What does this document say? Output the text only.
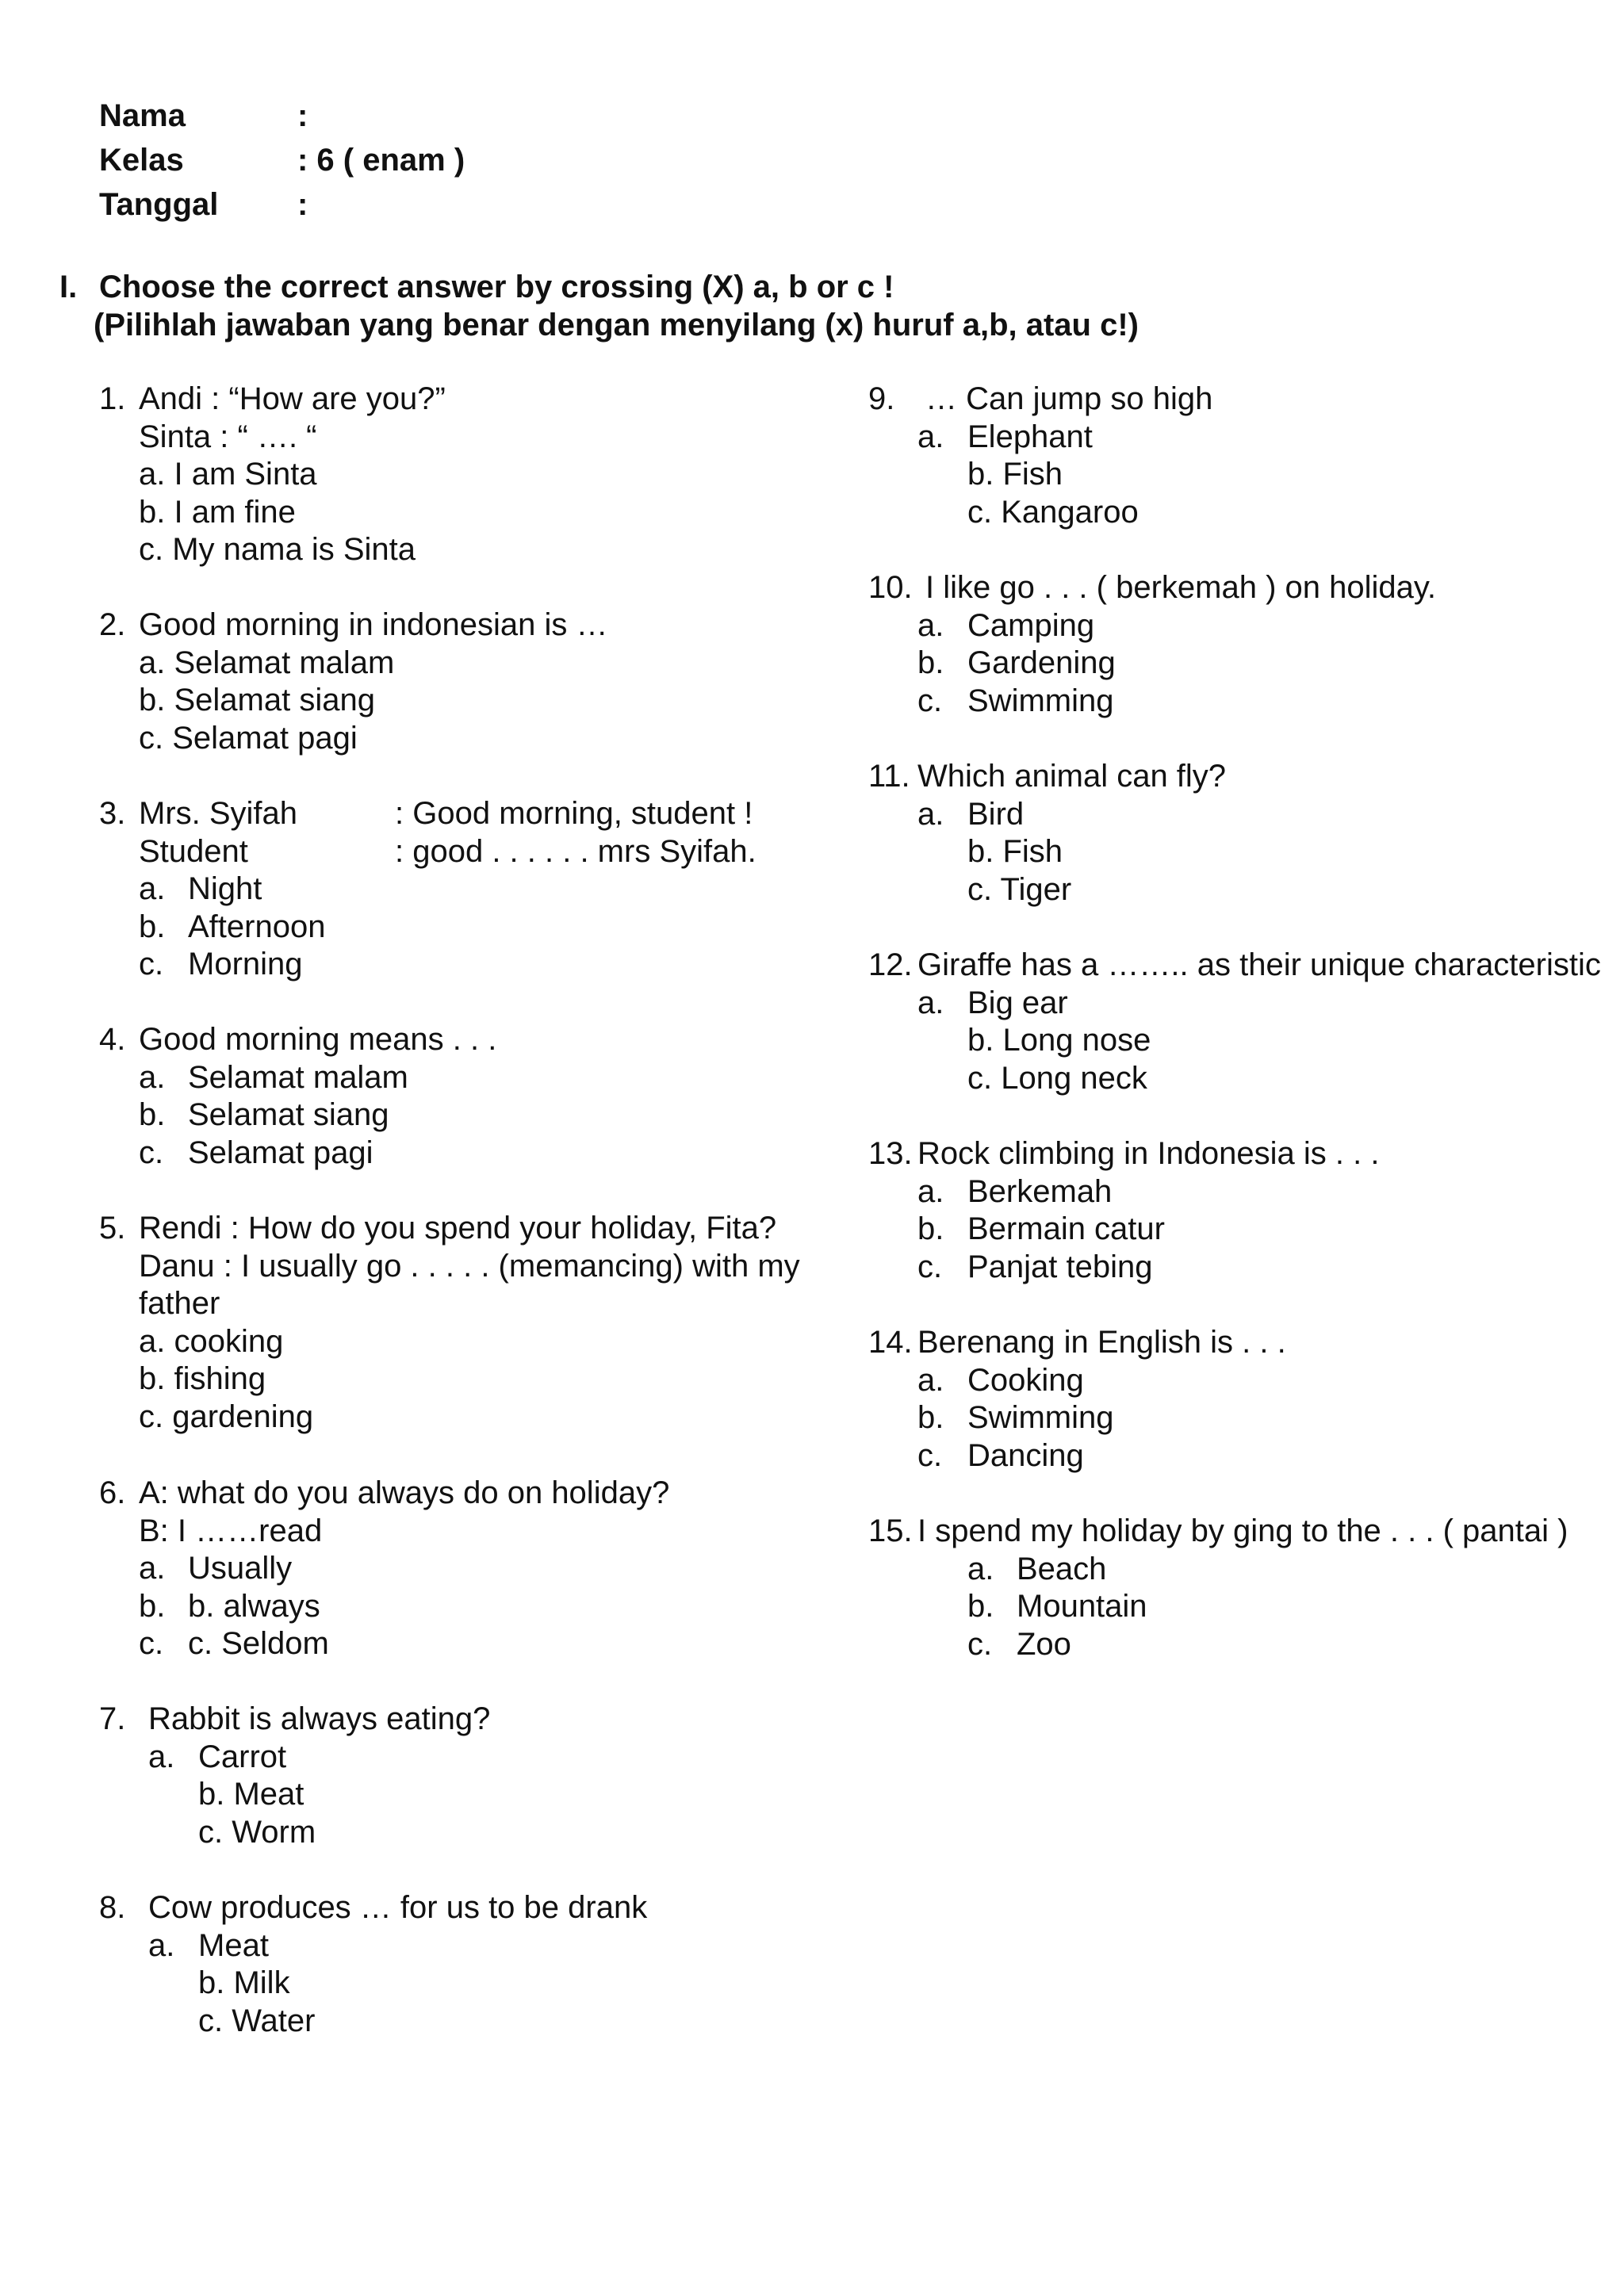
Nama	:
Kelas	: 6 ( enam )
Tanggal :
I. Choose the correct answer by crossing (X) a, b or c !
(Pilihlah jawaban yang benar dengan menyilang (x) huruf a,b, atau c!)
1. Andi : “How are you?”
Sinta : “ …. “
a. I am Sinta
b. I am fine
c. My nama is Sinta
2. Good morning in indonesian is …
a. Selamat malam
b. Selamat siang
c. Selamat pagi
3. Mrs. Syifah	: Good morning, student !
Student	: good . . . . . . mrs Syifah.
a. Night
b. Afternoon
c. Morning
4. Good morning means . . .
a. Selamat malam
b. Selamat siang
c. Selamat pagi
5. Rendi : How do you spend your holiday, Fita?
Danu : I usually go . . . . . (memancing) with my
father
a. cooking
b. fishing
c. gardening
6. A: what do you always do on holiday?
B: I ……read
a. Usually
b. b. always
c. c. Seldom
7. Rabbit is always eating?
a. Carrot
b. Meat
c. Worm
8. Cow produces … for us to be drank
a. Meat
b. Milk
c. Water
9. … Can jump so high
a. Elephant
b. Fish
c. Kangaroo
10. I like go . . . ( berkemah ) on holiday.
a. Camping
b. Gardening
c. Swimming
11. Which animal can fly?
a. Bird
b. Fish
c. Tiger
12. Giraffe has a …….. as their unique characteristic
a. Big ear
b. Long nose
c. Long neck
13. Rock climbing in Indonesia is . . .
a. Berkemah
b. Bermain catur
c. Panjat tebing
14. Berenang in English is . . .
a. Cooking
b. Swimming
c. Dancing
15. I spend my holiday by ging to the . . . ( pantai )
a. Beach
b. Mountain
c. Zoo
